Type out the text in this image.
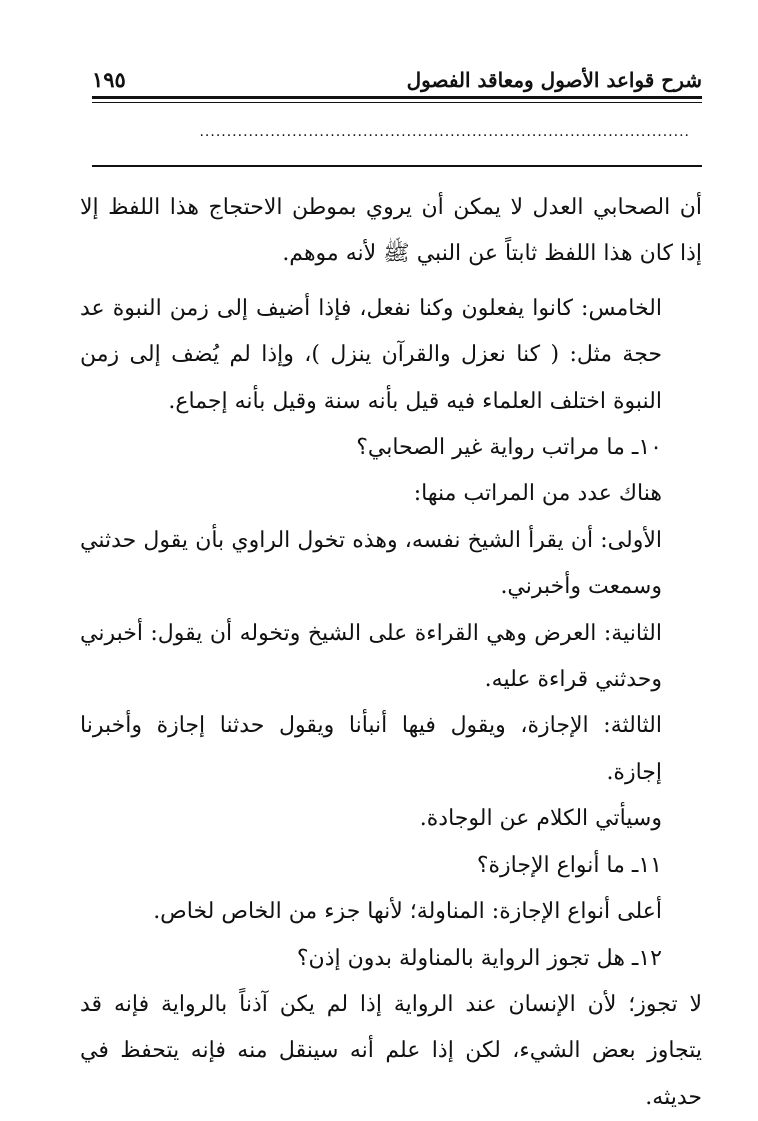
شرح قواعد الأصول ومعاقد الفصول
١٩٥
..........................................................................................

أن الصحابي العدل لا يمكن أن يروي بموطن الاحتجاج هذا اللفظ إلا إذا كان هذا اللفظ ثابتاً عن النبي ﷺ لأنه موهم.

الخامس: كانوا يفعلون وكنا نفعل، فإذا أضيف إلى زمن النبوة عد حجة مثل: ( كنا نعزل والقرآن ينزل )، وإذا لم يُضف إلى زمن النبوة اختلف العلماء فيه قيل بأنه سنة وقيل بأنه إجماع.

١٠ـ ما مراتب رواية غير الصحابي؟

هناك عدد من المراتب منها:

الأولى: أن يقرأ الشيخ نفسه، وهذه تخول الراوي بأن يقول حدثني وسمعت وأخبرني.

الثانية: العرض وهي القراءة على الشيخ وتخوله أن يقول: أخبرني وحدثني قراءة عليه.

الثالثة: الإجازة، ويقول فيها أنبأنا ويقول حدثنا إجازة وأخبرنا إجازة.

وسيأتي الكلام عن الوجادة.

١١ـ ما أنواع الإجازة؟

أعلى أنواع الإجازة: المناولة؛ لأنها جزء من الخاص لخاص.

١٢ـ هل تجوز الرواية بالمناولة بدون إذن؟

لا تجوز؛ لأن الإنسان عند الرواية إذا لم يكن آذناً بالرواية فإنه قد يتجاوز بعض الشيء، لكن إذا علم أنه سينقل منه فإنه يتحفظ في حديثه.
